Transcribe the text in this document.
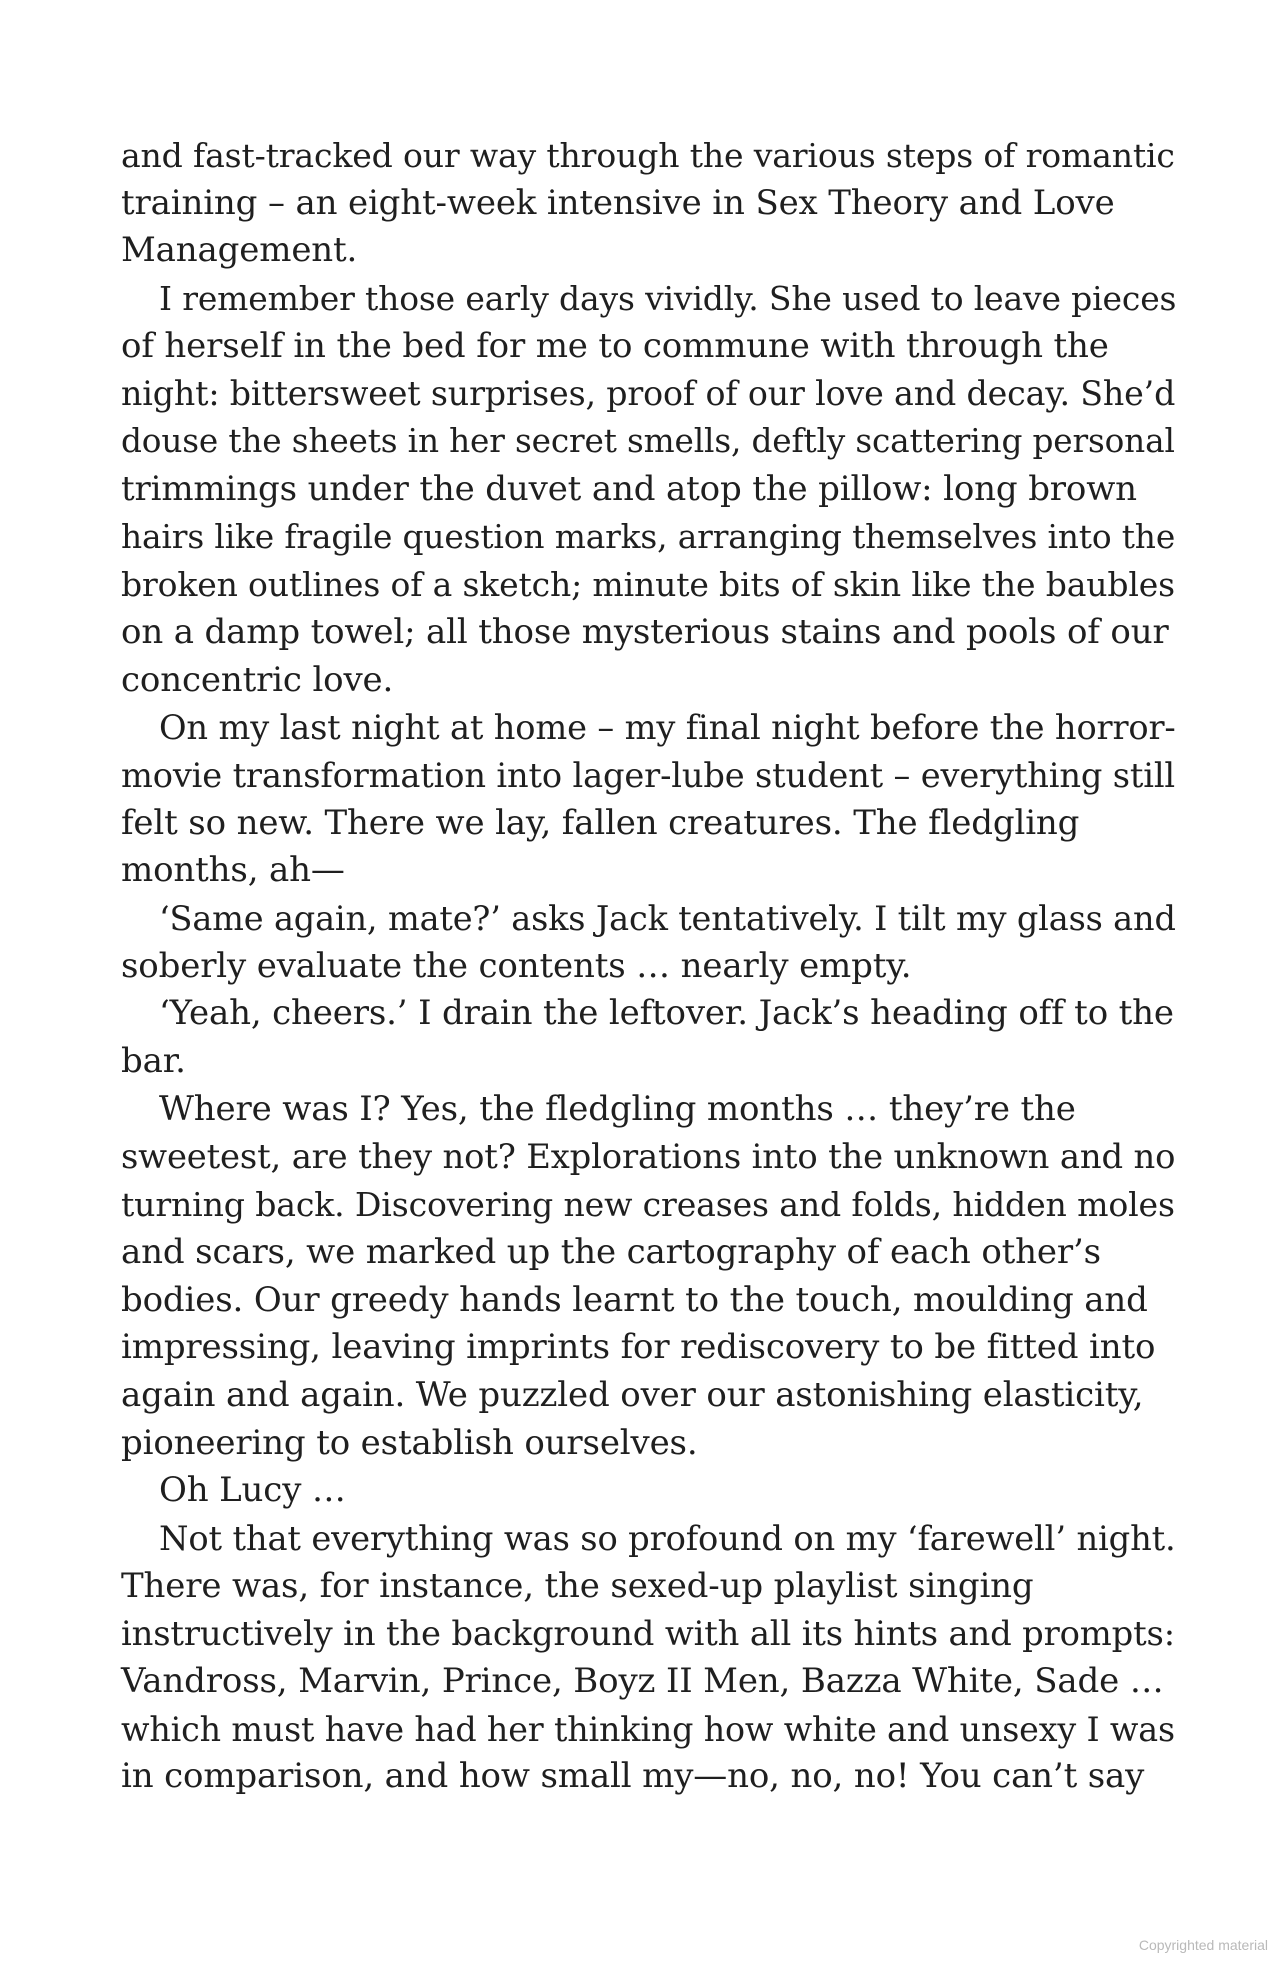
and fast-tracked our way through the various steps of romantic
training – an eight-week intensive in Sex Theory and Love
Management.
I remember those early days vividly. She used to leave pieces
of herself in the bed for me to commune with through the
night: bittersweet surprises, proof of our love and decay. She’d
douse the sheets in her secret smells, deftly scattering personal
trimmings under the duvet and atop the pillow: long brown
hairs like fragile question marks, arranging themselves into the
broken outlines of a sketch; minute bits of skin like the baubles
on a damp towel; all those mysterious stains and pools of our
concentric love.
On my last night at home – my final night before the horror-
movie transformation into lager-lube student – everything still
felt so new. There we lay, fallen creatures. The fledgling
months, ah—
‘Same again, mate?’ asks Jack tentatively. I tilt my glass and
soberly evaluate the contents … nearly empty.
‘Yeah, cheers.’ I drain the leftover. Jack’s heading off to the
bar.
Where was I? Yes, the fledgling months … they’re the
sweetest, are they not? Explorations into the unknown and no
turning back. Discovering new creases and folds, hidden moles
and scars, we marked up the cartography of each other’s
bodies. Our greedy hands learnt to the touch, moulding and
impressing, leaving imprints for rediscovery to be fitted into
again and again. We puzzled over our astonishing elasticity,
pioneering to establish ourselves.
Oh Lucy …
Not that everything was so profound on my ‘farewell’ night.
There was, for instance, the sexed-up playlist singing
instructively in the background with all its hints and prompts:
Vandross, Marvin, Prince, Boyz II Men, Bazza White, Sade …
which must have had her thinking how white and unsexy I was
in comparison, and how small my—no, no, no! You can’t say
Copyrighted material
